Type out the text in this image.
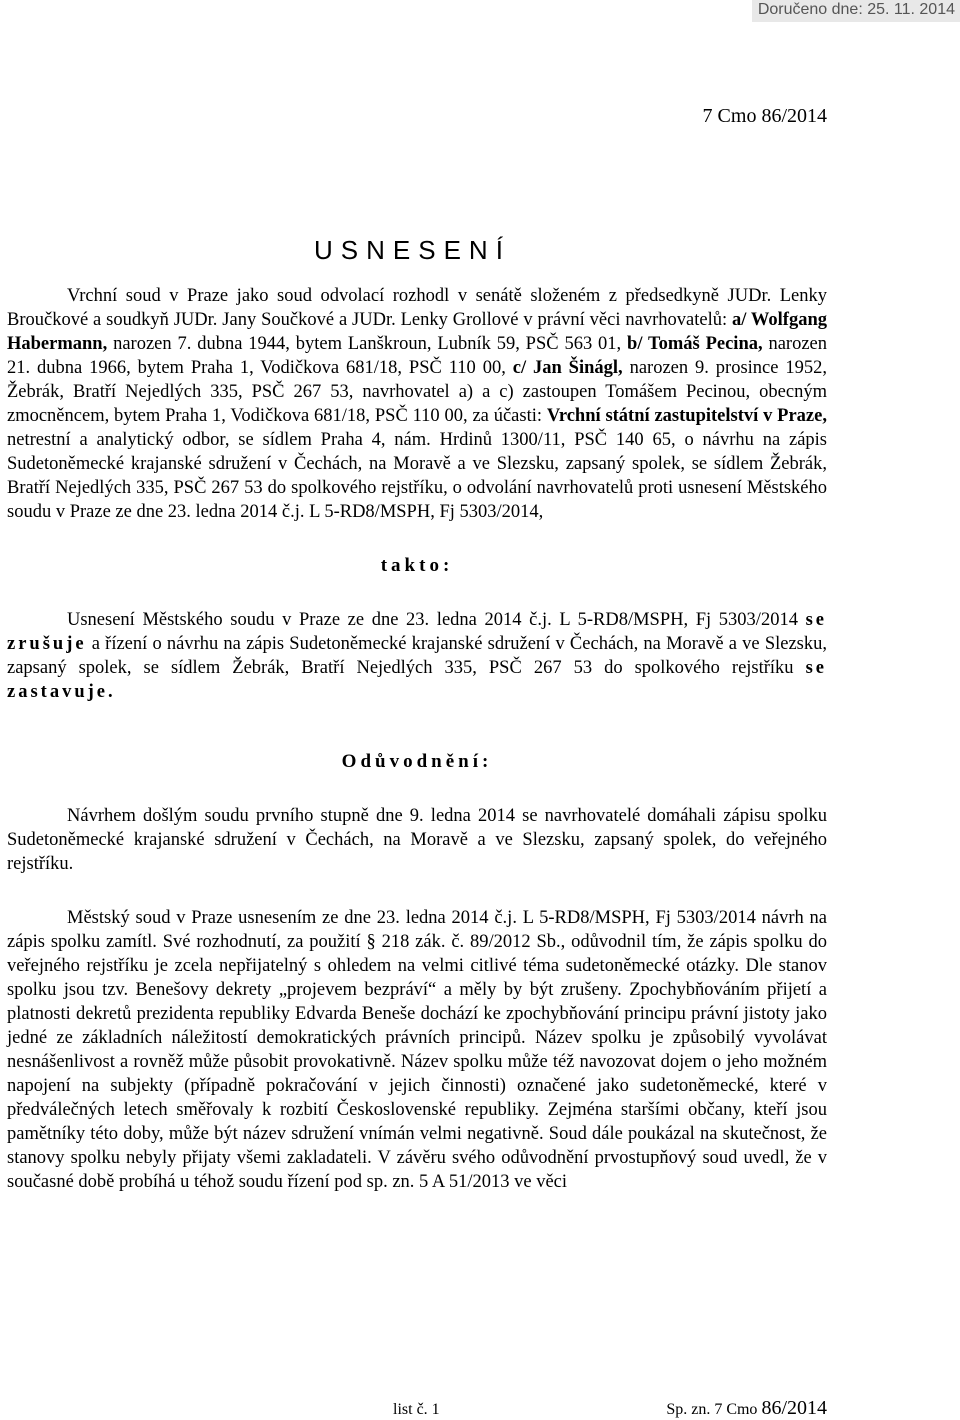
Doručeno dne: 25. 11. 2014
7 Cmo 86/2014
USNESENÍ

Vrchní soud v Praze jako soud odvolací rozhodl v senátě složeném z předsedkyně JUDr. Lenky Broučkové a soudkyň JUDr. Jany Součkové a JUDr. Lenky Grollové v právní věci navrhovatelů: a/ Wolfgang Habermann, narozen 7. dubna 1944, bytem Lanškroun, Lubník 59, PSČ 563 01, b/ Tomáš Pecina, narozen 21. dubna 1966, bytem Praha 1, Vodičkova 681/18, PSČ 110 00, c/ Jan Šinágl, narozen 9. prosince 1952, Žebrák, Bratří Nejedlých 335, PSČ 267 53, navrhovatel a) a c) zastoupen Tomášem Pecinou, obecným zmocněncem, bytem Praha 1, Vodičkova 681/18, PSČ 110 00, za účasti: Vrchní státní zastupitelství v Praze, netrestní a analytický odbor, se sídlem Praha 4, nám. Hrdinů 1300/11, PSČ 140 65, o návrhu na zápis Sudetoněmecké krajanské sdružení v Čechách, na Moravě a ve Slezsku, zapsaný spolek, se sídlem Žebrák, Bratří Nejedlých 335, PSČ 267 53 do spolkového rejstříku, o odvolání navrhovatelů proti usnesení Městského soudu v Praze ze dne 23. ledna 2014 č.j. L 5-RD8/MSPH, Fj 5303/2014,

takto:

Usnesení Městského soudu v Praze ze dne 23. ledna 2014 č.j. L 5-RD8/MSPH, Fj 5303/2014 se zrušuje a řízení o návrhu na zápis Sudetoněmecké krajanské sdružení v Čechách, na Moravě a ve Slezsku, zapsaný spolek, se sídlem Žebrák, Bratří Nejedlých 335, PSČ 267 53 do spolkového rejstříku se zastavuje.

Odůvodnění:

Návrhem došlým soudu prvního stupně dne 9. ledna 2014 se navrhovatelé domáhali zápisu spolku Sudetoněmecké krajanské sdružení v Čechách, na Moravě a ve Slezsku, zapsaný spolek, do veřejného rejstříku.

Městský soud v Praze usnesením ze dne 23. ledna 2014 č.j. L 5-RD8/MSPH, Fj 5303/2014 návrh na zápis spolku zamítl. Své rozhodnutí, za použití § 218 zák. č. 89/2012 Sb., odůvodnil tím, že zápis spolku do veřejného rejstříku je zcela nepřijatelný s ohledem na velmi citlivé téma sudetoněmecké otázky. Dle stanov spolku jsou tzv. Benešovy dekrety „projevem bezpráví“ a měly by být zrušeny. Zpochybňováním přijetí a platnosti dekretů prezidenta republiky Edvarda Beneše dochází ke zpochybňování principu právní jistoty jako jedné ze základních náležitostí demokratických právních principů. Název spolku je způsobilý vyvolávat nesnášenlivost a rovněž může působit provokativně. Název spolku může též navozovat dojem o jeho možném napojení na subjekty (případně pokračování v jejich činnosti) označené jako sudetoněmecké, které v předválečných letech směřovaly k rozbití Československé republiky. Zejména staršími občany, kteří jsou pamětníky této doby, může být název sdružení vnímán velmi negativně. Soud dále poukázal na skutečnost, že stanovy spolku nebyly přijaty všemi zakladateli. V závěru svého odůvodnění prvostupňový soud uvedl, že v současné době probíhá u téhož soudu řízení pod sp. zn. 5 A 51/2013 ve věci

list č. 1	Sp. zn. 7 Cmo 86/2014
